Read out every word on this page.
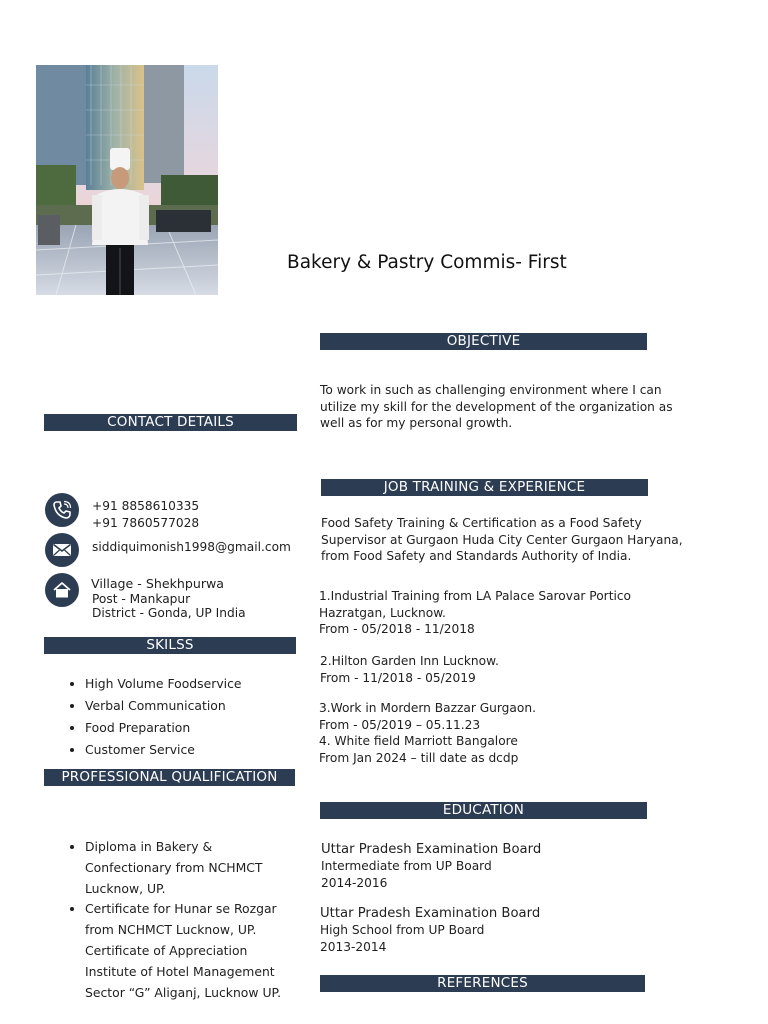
Bakery & Pastry Commis- First
OBJECTIVE
CONTACT DETAILS
JOB TRAINING & EXPERIENCE
SKILSS
PROFESSIONAL QUALIFICATION
EDUCATION
REFERENCES
To work in such as challenging environment where I can
utilize my skill for the development of the organization as
well as for my personal growth.
+91 8858610335
+91 7860577028
siddiquimonish1998@gmail.com
Village - Shekhpurwa
Post - Mankapur
District - Gonda, UP India
High Volume Foodservice
Verbal Communication
Food Preparation
Customer Service
Diploma in Bakery &
Confectionary from NCHMCT
Lucknow, UP.
Certificate for Hunar se Rozgar
from NCHMCT Lucknow, UP.
Certificate of Appreciation
Institute of Hotel Management
Sector “G” Aliganj, Lucknow UP.
Food Safety Training & Certification as a Food Safety
Supervisor at Gurgaon Huda City Center Gurgaon Haryana,
from Food Safety and Standards Authority of India.
1.Industrial Training from LA Palace Sarovar Portico
Hazratgan, Lucknow.
From - 05/2018 - 11/2018
2.Hilton Garden Inn Lucknow.
From - 11/2018 - 05/2019
3.Work in Mordern Bazzar Gurgaon.
From - 05/2019 – 05.11.23
4. White field Marriott Bangalore
From Jan 2024 – till date as dcdp
Uttar Pradesh Examination Board
Intermediate from UP Board
2014-2016
Uttar Pradesh Examination Board
High School from UP Board
2013-2014
